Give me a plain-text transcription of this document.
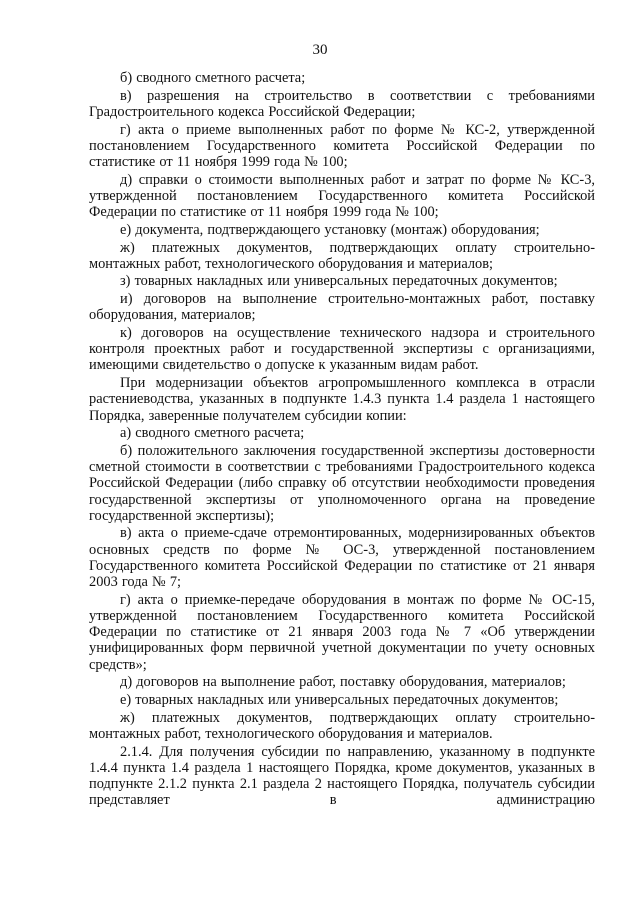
30

б) сводного сметного расчета;

в) разрешения на строительство в соответствии с требованиями Градостроительного кодекса Российской Федерации;

г) акта о приеме выполненных работ по форме № КС-2, утвержденной постановлением Государственного комитета Российской Федерации по статистике от 11 ноября 1999 года № 100;

д) справки о стоимости выполненных работ и затрат по форме № КС-3, утвержденной постановлением Государственного комитета Российской Федерации по статистике от 11 ноября 1999 года № 100;

е) документа, подтверждающего установку (монтаж) оборудования;

ж) платежных документов, подтверждающих оплату строительно-монтажных работ, технологического оборудования и материалов;

з) товарных накладных или универсальных передаточных документов;

и) договоров на выполнение строительно-монтажных работ, поставку оборудования, материалов;

к) договоров на осуществление технического надзора и строительного контроля проектных работ и государственной экспертизы с организациями, имеющими свидетельство о допуске к указанным видам работ.

При модернизации объектов агропромышленного комплекса в отрасли растениеводства, указанных в подпункте 1.4.3 пункта 1.4 раздела 1 настоящего Порядка, заверенные получателем субсидии копии:

а) сводного сметного расчета;

б) положительного заключения государственной экспертизы достоверности сметной стоимости в соответствии с требованиями Градостроительного кодекса Российской Федерации (либо справку об отсутствии необходимости проведения государственной экспертизы от уполномоченного органа на проведение государственной экспертизы);

в) акта о приеме-сдаче отремонтированных, модернизированных объектов основных средств по форме № ОС-3, утвержденной постановлением Государственного комитета Российской Федерации по статистике от 21 января 2003 года № 7;

г) акта о приемке-передаче оборудования в монтаж по форме № ОС-15, утвержденной постановлением Государственного комитета Российской Федерации по статистике от 21 января 2003 года № 7 «Об утверждении унифицированных форм первичной учетной документации по учету основных средств»;

д) договоров на выполнение работ, поставку оборудования, материалов;

е) товарных накладных или универсальных передаточных документов;

ж) платежных документов, подтверждающих оплату строительно-монтажных работ, технологического оборудования и материалов.

2.1.4. Для получения субсидии по направлению, указанному в подпункте 1.4.4 пункта 1.4 раздела 1 настоящего Порядка, кроме документов, указанных в подпункте 2.1.2 пункта 2.1 раздела 2 настоящего Порядка, получатель субсидии представляет в администрацию
